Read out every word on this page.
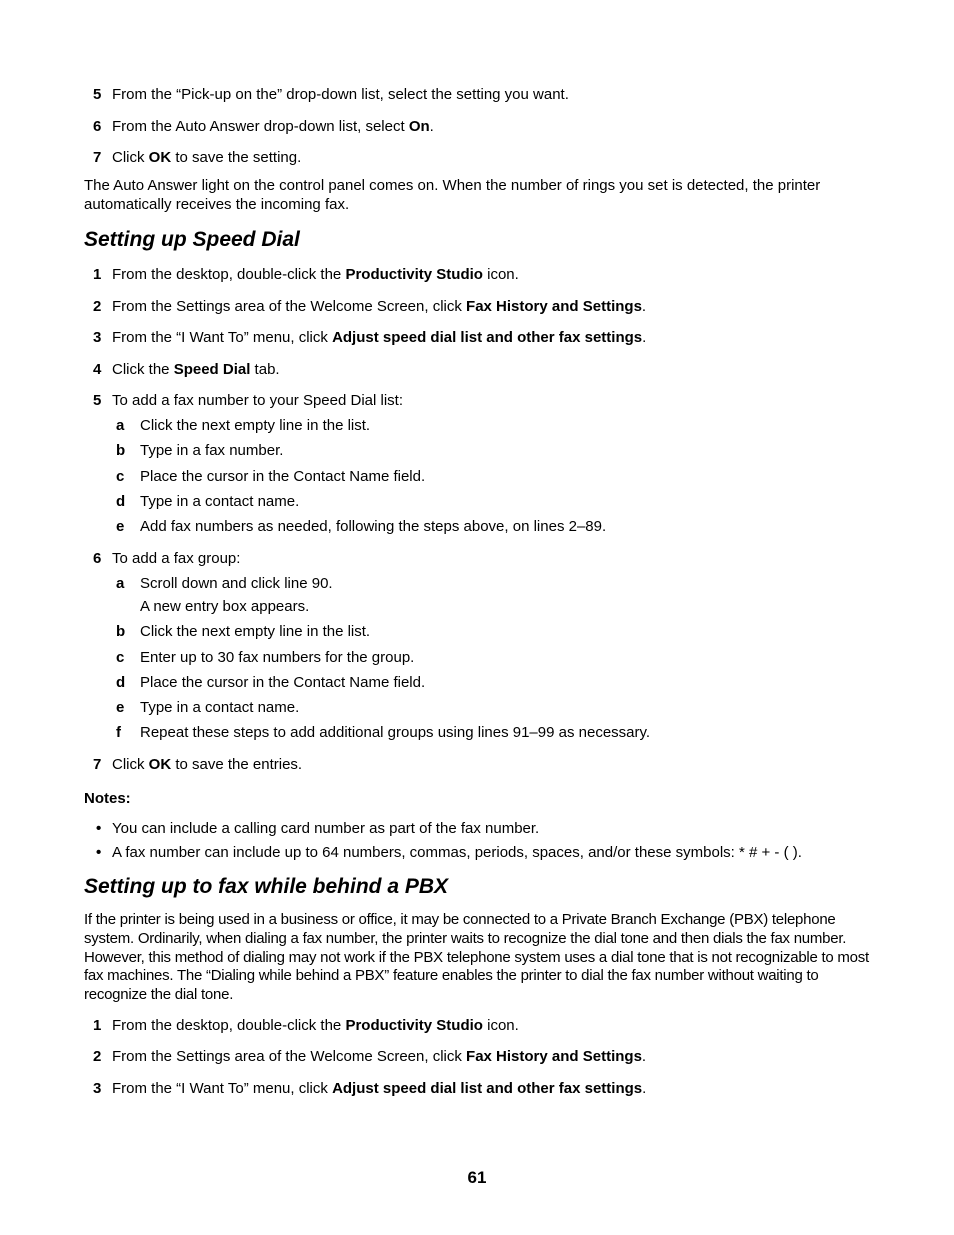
5 From the “Pick-up on the” drop-down list, select the setting you want.
6 From the Auto Answer drop-down list, select On.
7 Click OK to save the setting.
The Auto Answer light on the control panel comes on. When the number of rings you set is detected, the printer automatically receives the incoming fax.
Setting up Speed Dial
1 From the desktop, double-click the Productivity Studio icon.
2 From the Settings area of the Welcome Screen, click Fax History and Settings.
3 From the “I Want To” menu, click Adjust speed dial list and other fax settings.
4 Click the Speed Dial tab.
5 To add a fax number to your Speed Dial list:
a Click the next empty line in the list.
b Type in a fax number.
c Place the cursor in the Contact Name field.
d Type in a contact name.
e Add fax numbers as needed, following the steps above, on lines 2–89.
6 To add a fax group:
a Scroll down and click line 90.
A new entry box appears.
b Click the next empty line in the list.
c Enter up to 30 fax numbers for the group.
d Place the cursor in the Contact Name field.
e Type in a contact name.
f Repeat these steps to add additional groups using lines 91–99 as necessary.
7 Click OK to save the entries.
Notes:
• You can include a calling card number as part of the fax number.
• A fax number can include up to 64 numbers, commas, periods, spaces, and/or these symbols: * # + - ( ).
Setting up to fax while behind a PBX
If the printer is being used in a business or office, it may be connected to a Private Branch Exchange (PBX) telephone system. Ordinarily, when dialing a fax number, the printer waits to recognize the dial tone and then dials the fax number. However, this method of dialing may not work if the PBX telephone system uses a dial tone that is not recognizable to most fax machines. The “Dialing while behind a PBX” feature enables the printer to dial the fax number without waiting to recognize the dial tone.
1 From the desktop, double-click the Productivity Studio icon.
2 From the Settings area of the Welcome Screen, click Fax History and Settings.
3 From the “I Want To” menu, click Adjust speed dial list and other fax settings.
61
